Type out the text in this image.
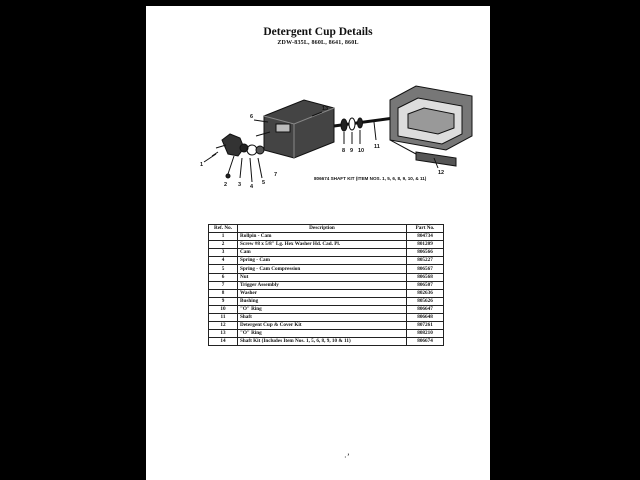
Detergent Cup Details
ZDW-835L, 860L, 8641, 860L
1
2 3 4
5
6
7
8 9 10
11
12
13
806674 SHAFT KIT (ITEM NOS. 1, 5, 6, 8, 9, 10, & 11)
Ref. No.	Description	Part No.
1	Rollpin - Cam	804734
2	Screw #8 x 5/8" Lg. Hex Washer Hd. Cad. Pl.	801209
3	Cam	806566
4	Spring - Cam	805227
5	Spring - Cam Compression	806567
6	Nut	806568
7	Trigger Assembly	806507
8	Washer	802636
9	Bushing	805626
10	"O" Ring	806647
11	Shaft	806648
12	Detergent Cup & Cover Kit	807261
13	"O" Ring	808210
14	Shaft Kit (Includes Item Nos. 1, 5, 6, 8, 9, 10 & 11)	806674
∙’
